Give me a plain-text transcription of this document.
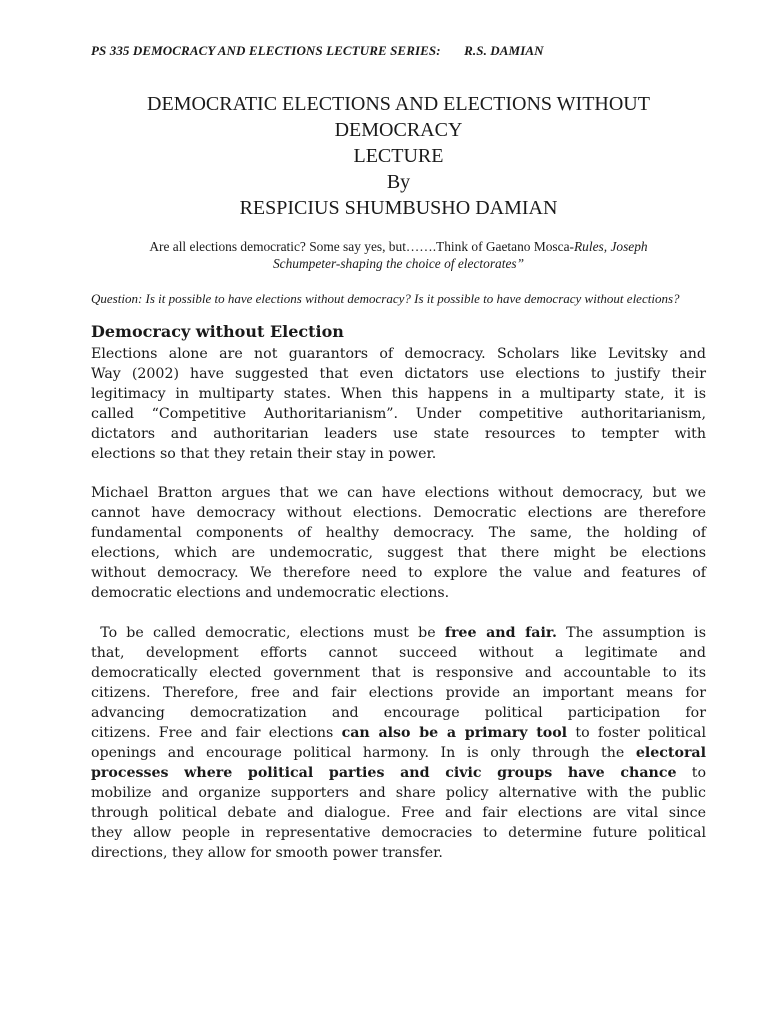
PS 335 DEMOCRACY AND ELECTIONS LECTURE SERIES: R.S. DAMIAN
DEMOCRATIC ELECTIONS AND ELECTIONS WITHOUT
DEMOCRACY
LECTURE
By
RESPICIUS SHUMBUSHO DAMIAN
Are all elections democratic? Some say yes, but…….Think of Gaetano Mosca-Rules, Joseph
Schumpeter-shaping the choice of electorates”
Question: Is it possible to have elections without democracy? Is it possible to have democracy without elections?
Democracy without Election
Elections alone are not guarantors of democracy. Scholars like Levitsky and
Way (2002) have suggested that even dictators use elections to justify their
legitimacy in multiparty states. When this happens in a multiparty state, it is
called “Competitive Authoritarianism”. Under competitive authoritarianism,
dictators and authoritarian leaders use state resources to tempter with
elections so that they retain their stay in power.
Michael Bratton argues that we can have elections without democracy, but we
cannot have democracy without elections. Democratic elections are therefore
fundamental components of healthy democracy. The same, the holding of
elections, which are undemocratic, suggest that there might be elections
without democracy. We therefore need to explore the value and features of
democratic elections and undemocratic elections.
To be called democratic, elections must be free and fair. The assumption is
that, development efforts cannot succeed without a legitimate and
democratically elected government that is responsive and accountable to its
citizens. Therefore, free and fair elections provide an important means for
advancing democratization and encourage political participation for
citizens. Free and fair elections can also be a primary tool to foster political
openings and encourage political harmony. In is only through the electoral
processes where political parties and civic groups have chance to
mobilize and organize supporters and share policy alternative with the public
through political debate and dialogue. Free and fair elections are vital since
they allow people in representative democracies to determine future political
directions, they allow for smooth power transfer.
